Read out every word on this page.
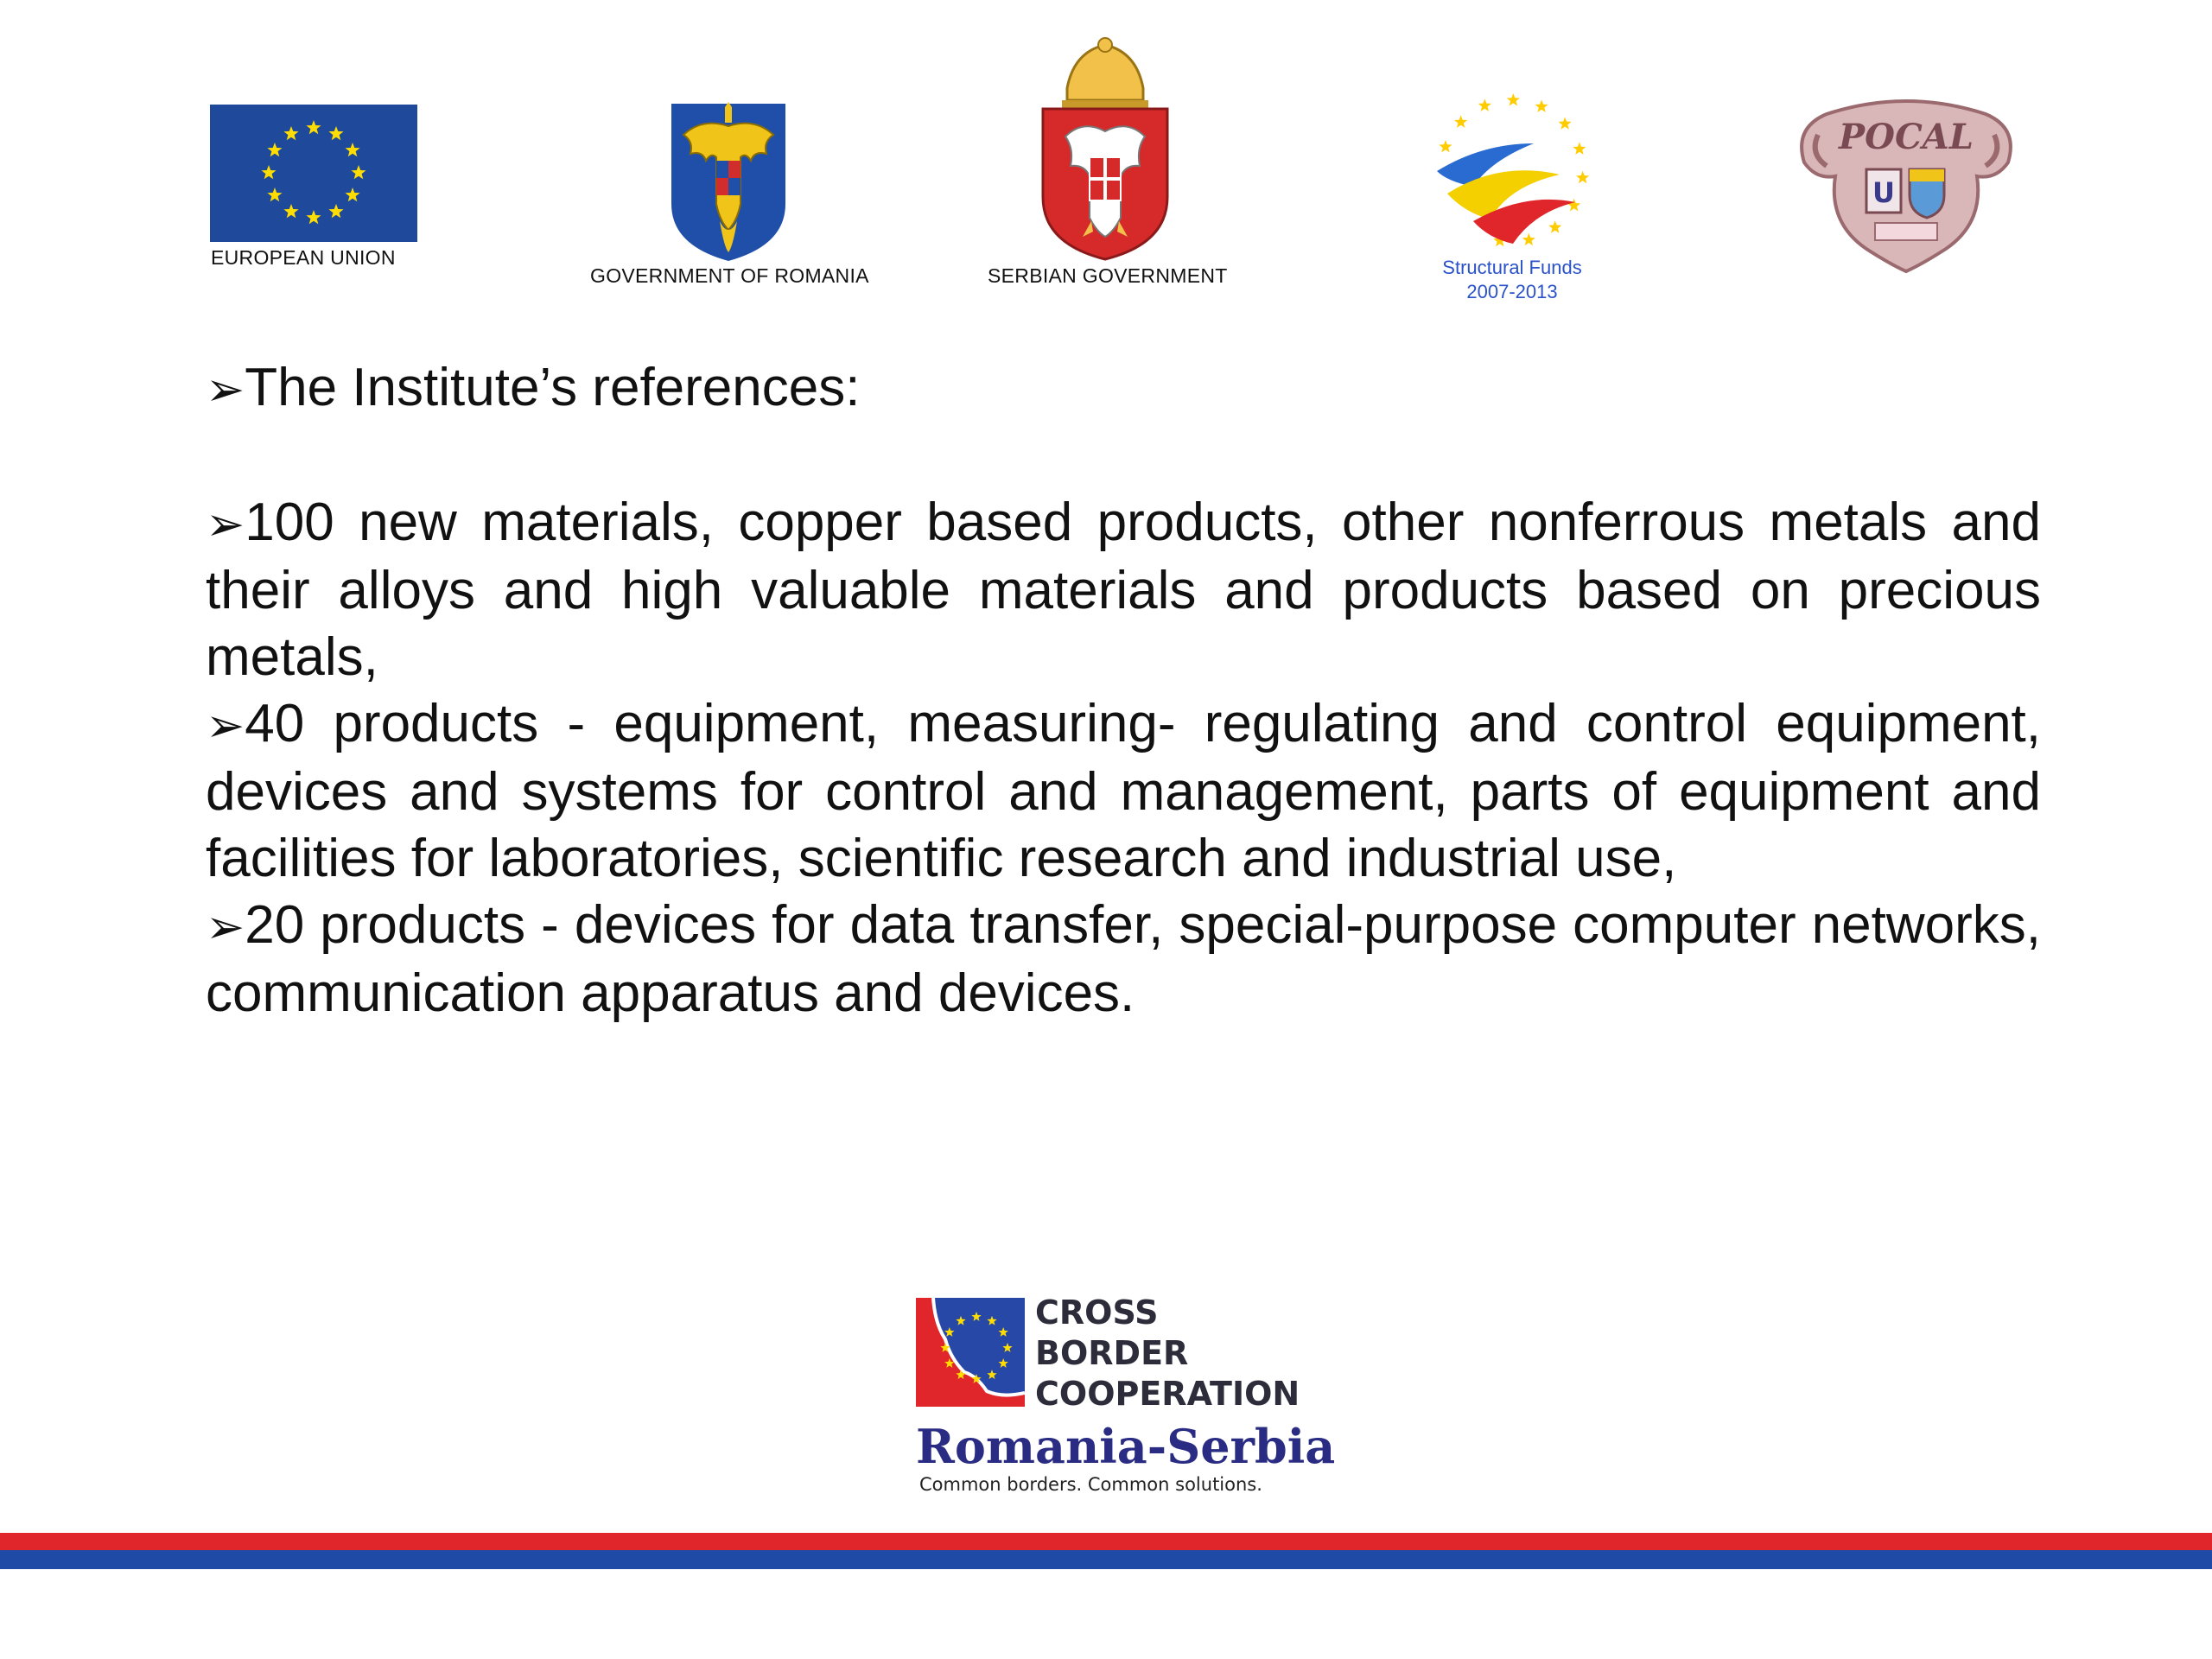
EUROPEAN UNION
GOVERNMENT OF ROMANIA	SERBIAN GOVERNMENT	Structural Funds
2007-2013
POCAL
U

➢The Institute’s references:

➢100 new materials, copper based products, other nonferrous metals and their alloys and high valuable materials and products based on precious metals,

➢40 products - equipment, measuring- regulating and control equipment, devices and systems for control and management, parts of equipment and facilities for laboratories, scientific research and industrial use,

➢20 products - devices for data transfer, special-purpose computer networks, communication apparatus and devices.

CROSS
BORDER
COOPERATION
Romania-Serbia
Common borders. Common solutions.
